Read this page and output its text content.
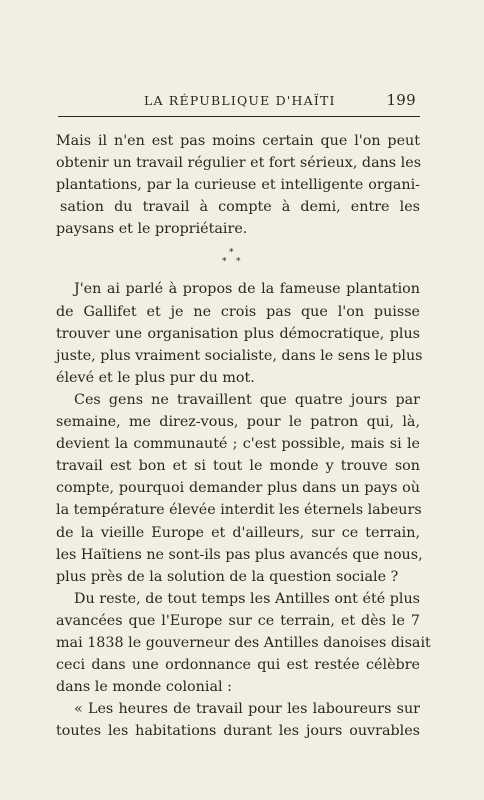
LA RÉPUBLIQUE D'HAÏTI	199
Mais il n'en est pas moins certain que l'on peut
obtenir un travail régulier et fort sérieux, dans les
plantations, par la curieuse et intelligente organi-
sation du travail à compte à demi, entre les
paysans et le propriétaire.
*
* *
J'en ai parlé à propos de la fameuse plantation
de Gallifet et je ne crois pas que l'on puisse
trouver une organisation plus démocratique, plus
juste, plus vraiment socialiste, dans le sens le plus
élevé et le plus pur du mot.
Ces gens ne travaillent que quatre jours par
semaine, me direz-vous, pour le patron qui, là,
devient la communauté ; c'est possible, mais si le
travail est bon et si tout le monde y trouve son
compte, pourquoi demander plus dans un pays où
la température élevée interdit les éternels labeurs
de la vieille Europe et d'ailleurs, sur ce terrain,
les Haïtiens ne sont-ils pas plus avancés que nous,
plus près de la solution de la question sociale ?
Du reste, de tout temps les Antilles ont été plus
avancées que l'Europe sur ce terrain, et dès le 7
mai 1838 le gouverneur des Antilles danoises disait
ceci dans une ordonnance qui est restée célèbre
dans le monde colonial :
« Les heures de travail pour les laboureurs sur
toutes les habitations durant les jours ouvrables
